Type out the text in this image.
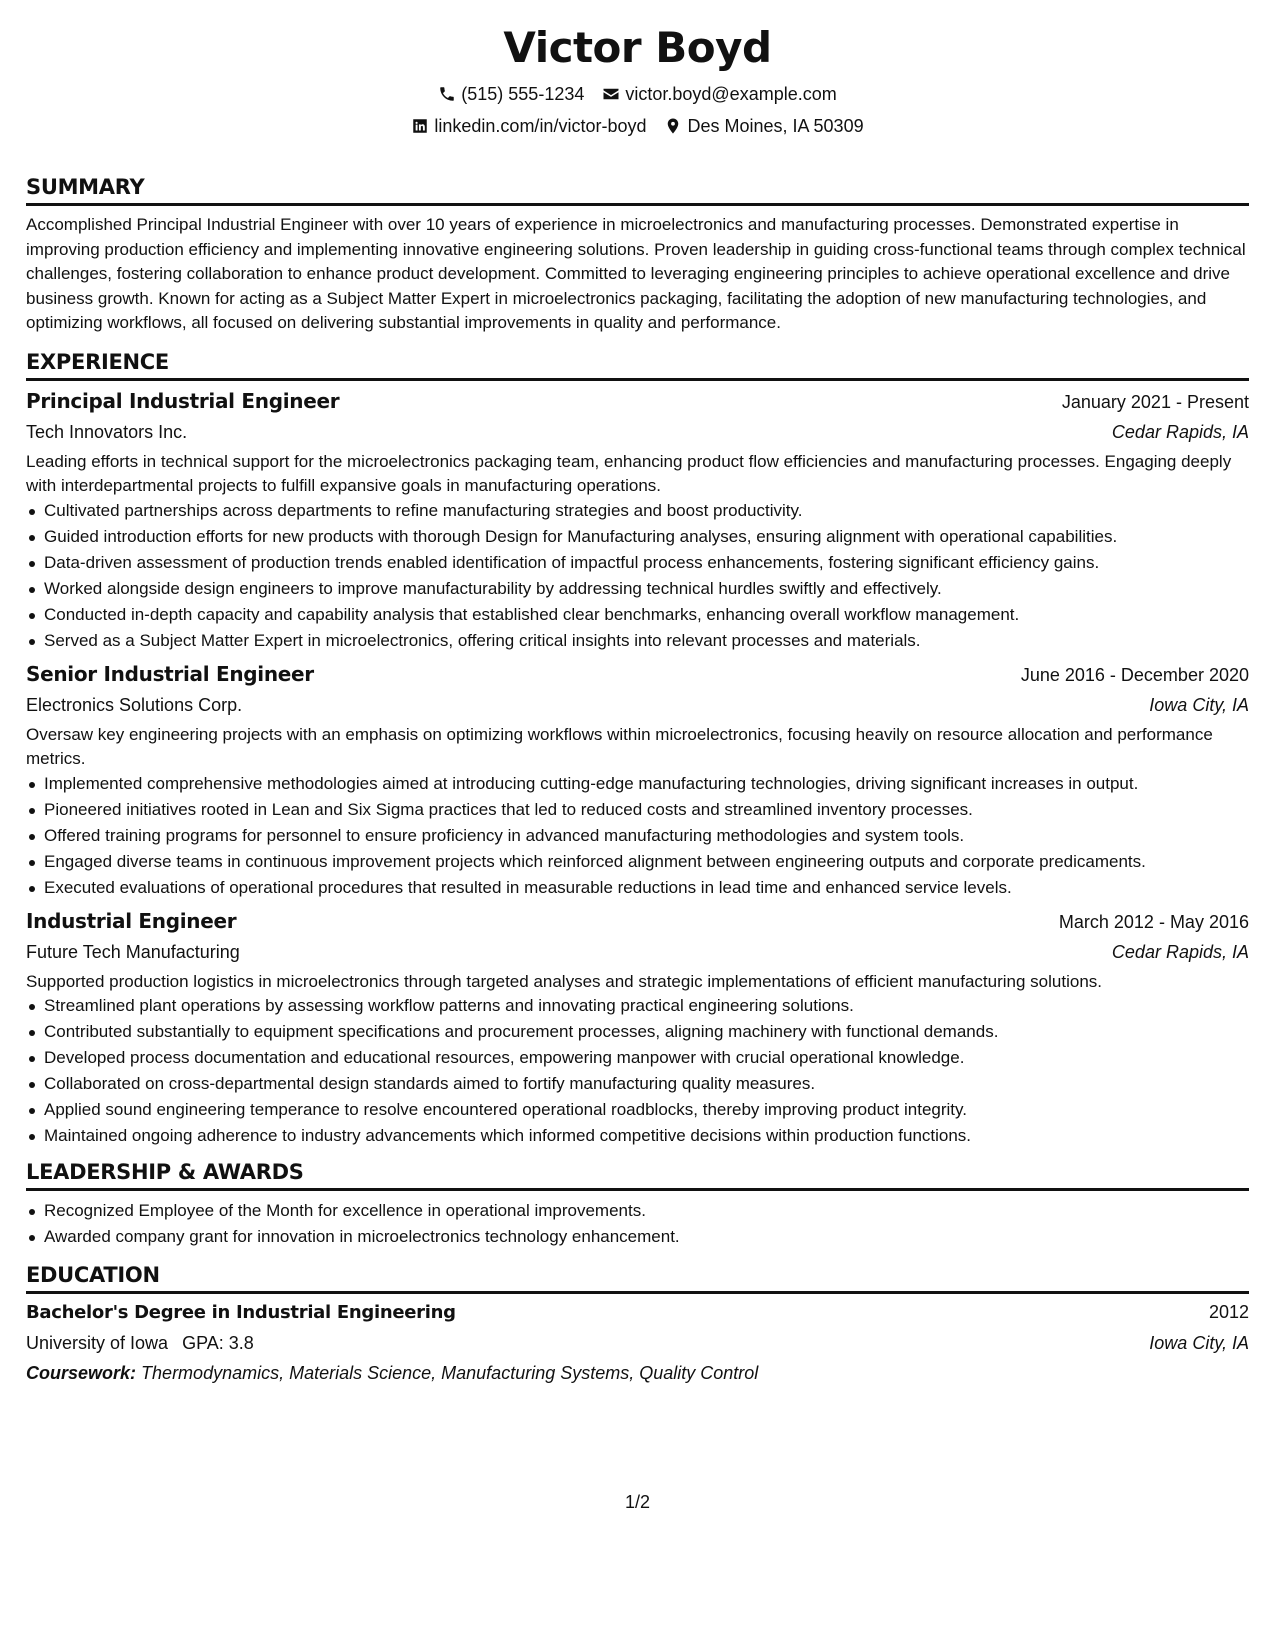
Victor Boyd
(515) 555-1234 victor.boyd@example.com
linkedin.com/in/victor-boyd Des Moines, IA 50309
SUMMARY

Accomplished Principal Industrial Engineer with over 10 years of experience in microelectronics and manufacturing processes. Demonstrated expertise in improving production efficiency and implementing innovative engineering solutions. Proven leadership in guiding cross-functional teams through complex technical challenges, fostering collaboration to enhance product development. Committed to leveraging engineering principles to achieve operational excellence and drive business growth. Known for acting as a Subject Matter Expert in microelectronics packaging, facilitating the adoption of new manufacturing technologies, and optimizing workflows, all focused on delivering substantial improvements in quality and performance.

EXPERIENCE
Principal Industrial Engineer	January 2021 - Present
Tech Innovators Inc.	Cedar Rapids, IA

Leading efforts in technical support for the microelectronics packaging team, enhancing product flow efficiencies and manufacturing processes. Engaging deeply with interdepartmental projects to fulfill expansive goals in manufacturing operations.

Cultivated partnerships across departments to refine manufacturing strategies and boost productivity.
Guided introduction efforts for new products with thorough Design for Manufacturing analyses, ensuring alignment with operational capabilities.
Data-driven assessment of production trends enabled identification of impactful process enhancements, fostering significant efficiency gains.
Worked alongside design engineers to improve manufacturability by addressing technical hurdles swiftly and effectively.
Conducted in-depth capacity and capability analysis that established clear benchmarks, enhancing overall workflow management.
Served as a Subject Matter Expert in microelectronics, offering critical insights into relevant processes and materials.
Senior Industrial Engineer	June 2016 - December 2020
Electronics Solutions Corp.	Iowa City, IA

Oversaw key engineering projects with an emphasis on optimizing workflows within microelectronics, focusing heavily on resource allocation and performance metrics.

Implemented comprehensive methodologies aimed at introducing cutting-edge manufacturing technologies, driving significant increases in output.
Pioneered initiatives rooted in Lean and Six Sigma practices that led to reduced costs and streamlined inventory processes.
Offered training programs for personnel to ensure proficiency in advanced manufacturing methodologies and system tools.
Engaged diverse teams in continuous improvement projects which reinforced alignment between engineering outputs and corporate predicaments.
Executed evaluations of operational procedures that resulted in measurable reductions in lead time and enhanced service levels.
Industrial Engineer	March 2012 - May 2016
Future Tech Manufacturing	Cedar Rapids, IA

Supported production logistics in microelectronics through targeted analyses and strategic implementations of efficient manufacturing solutions.

Streamlined plant operations by assessing workflow patterns and innovating practical engineering solutions.
Contributed substantially to equipment specifications and procurement processes, aligning machinery with functional demands.
Developed process documentation and educational resources, empowering manpower with crucial operational knowledge.
Collaborated on cross-departmental design standards aimed to fortify manufacturing quality measures.
Applied sound engineering temperance to resolve encountered operational roadblocks, thereby improving product integrity.
Maintained ongoing adherence to industry advancements which informed competitive decisions within production functions.
LEADERSHIP & AWARDS
Recognized Employee of the Month for excellence in operational improvements.
Awarded company grant for innovation in microelectronics technology enhancement.
EDUCATION
Bachelor's Degree in Industrial Engineering	2012
University of Iowa GPA: 3.8	Iowa City, IA
Coursework: Thermodynamics, Materials Science, Manufacturing Systems, Quality Control
1/2
